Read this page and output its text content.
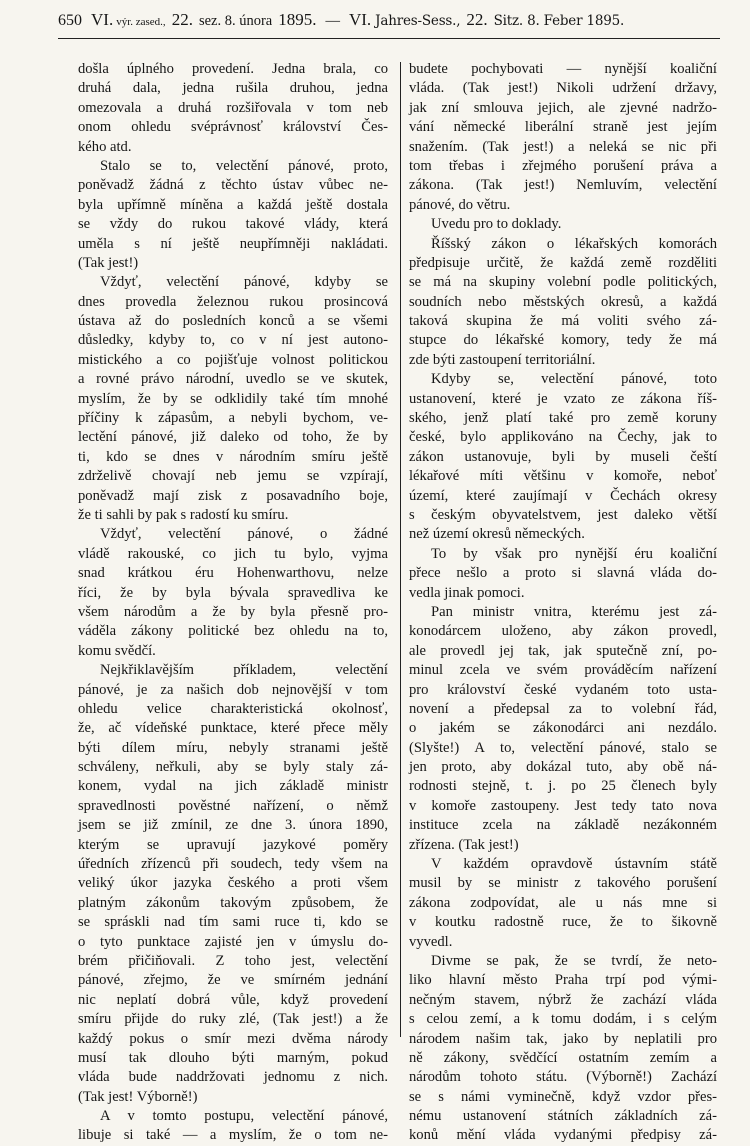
650 VI. výr. zased., 22. sez. 8. února 1895. — VI. Jahres-Sess., 22. Sitz. 8. Feber 1895.
došla úplného provedení. Jedna brala, co
druhá dala, jedna rušila druhou, jedna
omezovala a druhá rozšiřovala v tom neb
onom ohledu svéprávnosť království Čes-
kého atd.
Stalo se to, velectění pánové, proto,
poněvadž žádná z těchto ústav vůbec ne-
byla upřímně míněna a každá ještě dostala
se vždy do rukou takové vlády, která
uměla s ní ještě neupřímněji nakládati.
(Tak jest!)
Vždyť, velectění pánové, kdyby se
dnes provedla železnou rukou prosincová
ústava až do posledních konců a se všemi
důsledky, kdyby to, co v ní jest autono-
mistického a co pojišťuje volnost politickou
a rovné právo národní, uvedlo se ve skutek,
myslím, že by se odklidily také tím mnohé
příčiny k zápasům, a nebyli bychom, ve-
lectění pánové, již daleko od toho, že by
ti, kdo se dnes v národním smíru ještě
zdrželivě chovají neb jemu se vzpírají,
poněvadž mají zisk z posavadního boje,
že ti sahli by pak s radostí ku smíru.
Vždyť, velectění pánové, o žádné
vládě rakouské, co jich tu bylo, vyjma
snad krátkou éru Hohenwarthovu, nelze
říci, že by byla bývala spravedliva ke
všem národům a že by byla přesně pro-
váděla zákony politické bez ohledu na to,
komu svědčí.
Nejkřiklavějším příkladem, velectění
pánové, je za našich dob nejnovější v tom
ohledu velice charakteristická okolnosť,
že, ač vídeňské punktace, které přece měly
býti dílem míru, nebyly stranami ještě
schváleny, neřkuli, aby se byly staly zá-
konem, vydal na jich základě ministr
spravedlnosti pověstné nařízení, o němž
jsem se již zmínil, ze dne 3. února 1890,
kterým se upravují jazykové poměry
úředních zřízenců při soudech, tedy všem na
veliký úkor jazyka českého a proti všem
platným zákonům takovým způsobem, že
se spráskli nad tím sami ruce ti, kdo se
o tyto punktace zajisté jen v úmyslu do-
brém přičiňovali. Z toho jest, velectění
pánové, zřejmo, že ve smírném jednání
nic neplatí dobrá vůle, když provedení
smíru přijde do ruky zlé, (Tak jest!) a že
každý pokus o smír mezi dvěma národy
musí tak dlouho býti marným, pokud
vláda bude naddržovati jednomu z nich.
(Tak jest! Výborně!)
A v tomto postupu, velectění pánové,
libuje si také — a myslím, že o tom ne-
budete pochybovati — nynější koaliční
vláda. (Tak jest!) Nikoli udržení državy,
jak zní smlouva jejich, ale zjevné nadržo-
vání německé liberální straně jest jejím
snažením. (Tak jest!) a neleká se nic při
tom třebas i zřejmého porušení práva a
zákona. (Tak jest!) Nemluvím, velectění
pánové, do větru.
Uvedu pro to doklady.
Říšský zákon o lékařských komorách
předpisuje určitě, že každá země rozděliti
se má na skupiny volební podle politických,
soudních nebo městských okresů, a každá
taková skupina že má voliti svého zá-
stupce do lékařské komory, tedy že má
zde býti zastoupení territoriální.
Kdyby se, velectění pánové, toto
ustanovení, které je vzato ze zákona říš-
ského, jenž platí také pro země koruny
české, bylo applikováno na Čechy, jak to
zákon ustanovuje, byli by museli čeští
lékařové míti většinu v komoře, neboť
území, které zaujímají v Čechách okresy
s českým obyvatelstvem, jest daleko větší
než území okresů německých.
To by však pro nynější éru koaliční
přece nešlo a proto si slavná vláda do-
vedla jinak pomoci.
Pan ministr vnitra, kterému jest zá-
konodárcem uloženo, aby zákon provedl,
ale provedl jej tak, jak sputečně zní, po-
minul zcela ve svém prováděcím nařízení
pro království české vydaném toto usta-
novení a předepsal za to volební řád,
o jakém se zákonodárci ani nezdálo.
(Slyšte!) A to, velectění pánové, stalo se
jen proto, aby dokázal tuto, aby obě ná-
rodnosti stejně, t. j. po 25 členech byly
v komoře zastoupeny. Jest tedy tato nova
instituce zcela na základě nezákonném
zřízena. (Tak jest!)
V každém opravdově ústavním státě
musil by se ministr z takového porušení
zákona zodpovídat, ale u nás mne si
v koutku radostně ruce, že to šikovně
vyvedl.
Divme se pak, že se tvrdí, že neto-
liko hlavní město Praha trpí pod vými-
nečným stavem, nýbrž že zachází vláda
s celou zemí, a k tomu dodám, i s celým
národem našim tak, jako by neplatili pro
ně zákony, svědčící ostatním zemím a
národům tohoto státu. (Výborně!) Zachází
se s námi vyminečně, když vzdor přes-
nému ustanovení státních základních zá-
konů mění vláda vydanými předpisy zá-
